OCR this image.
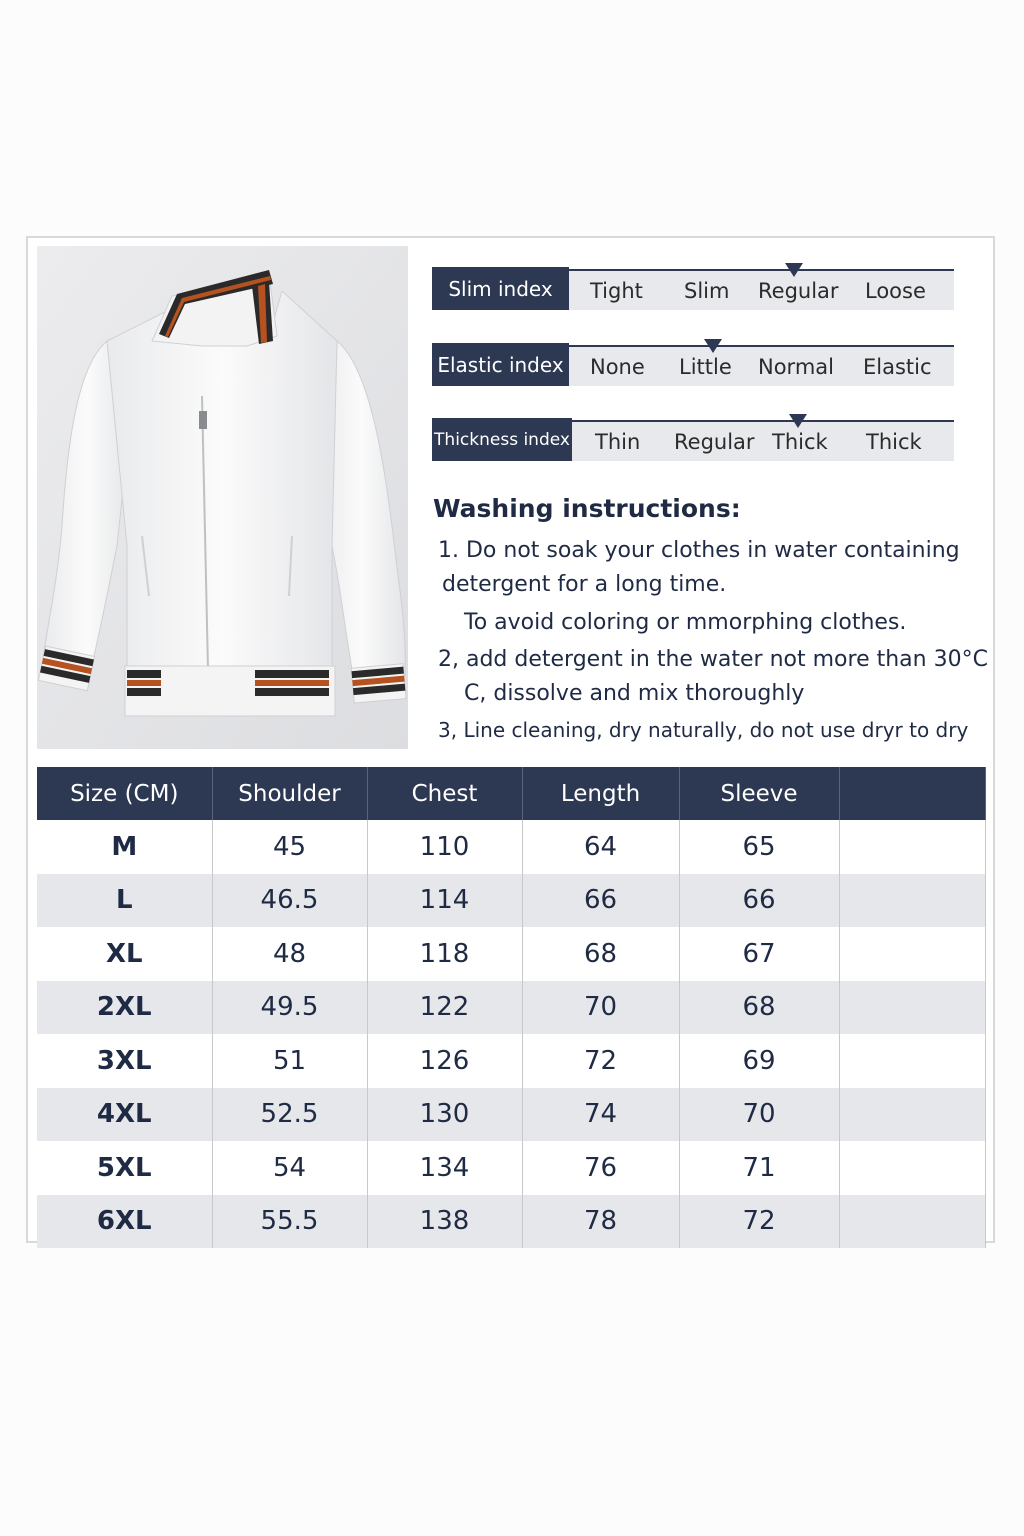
Slim index	Tight Slim Regular Loose
Elastic index None Little Normal Elastic
Thickness index Thin Regular Thick Thick
Washing instructions:
1. Do not soak your clothes in water containing
detergent for a long time.
To avoid coloring or mmorphing clothes.
2, add detergent in the water not more than 30°C
C, dissolve and mix thoroughly
3, Line cleaning, dry naturally, do not use dryr to dry
Size (CM)	Shoulder	Chest	Length	Sleeve	
M	45	110	64	65	
L	46.5	114	66	66	
XL	48	118	68	67	
2XL	49.5	122	70	68	
3XL	51	126	72	69	
4XL	52.5	130	74	70	
5XL	54	134	76	71	
6XL	55.5	138	78	72	
